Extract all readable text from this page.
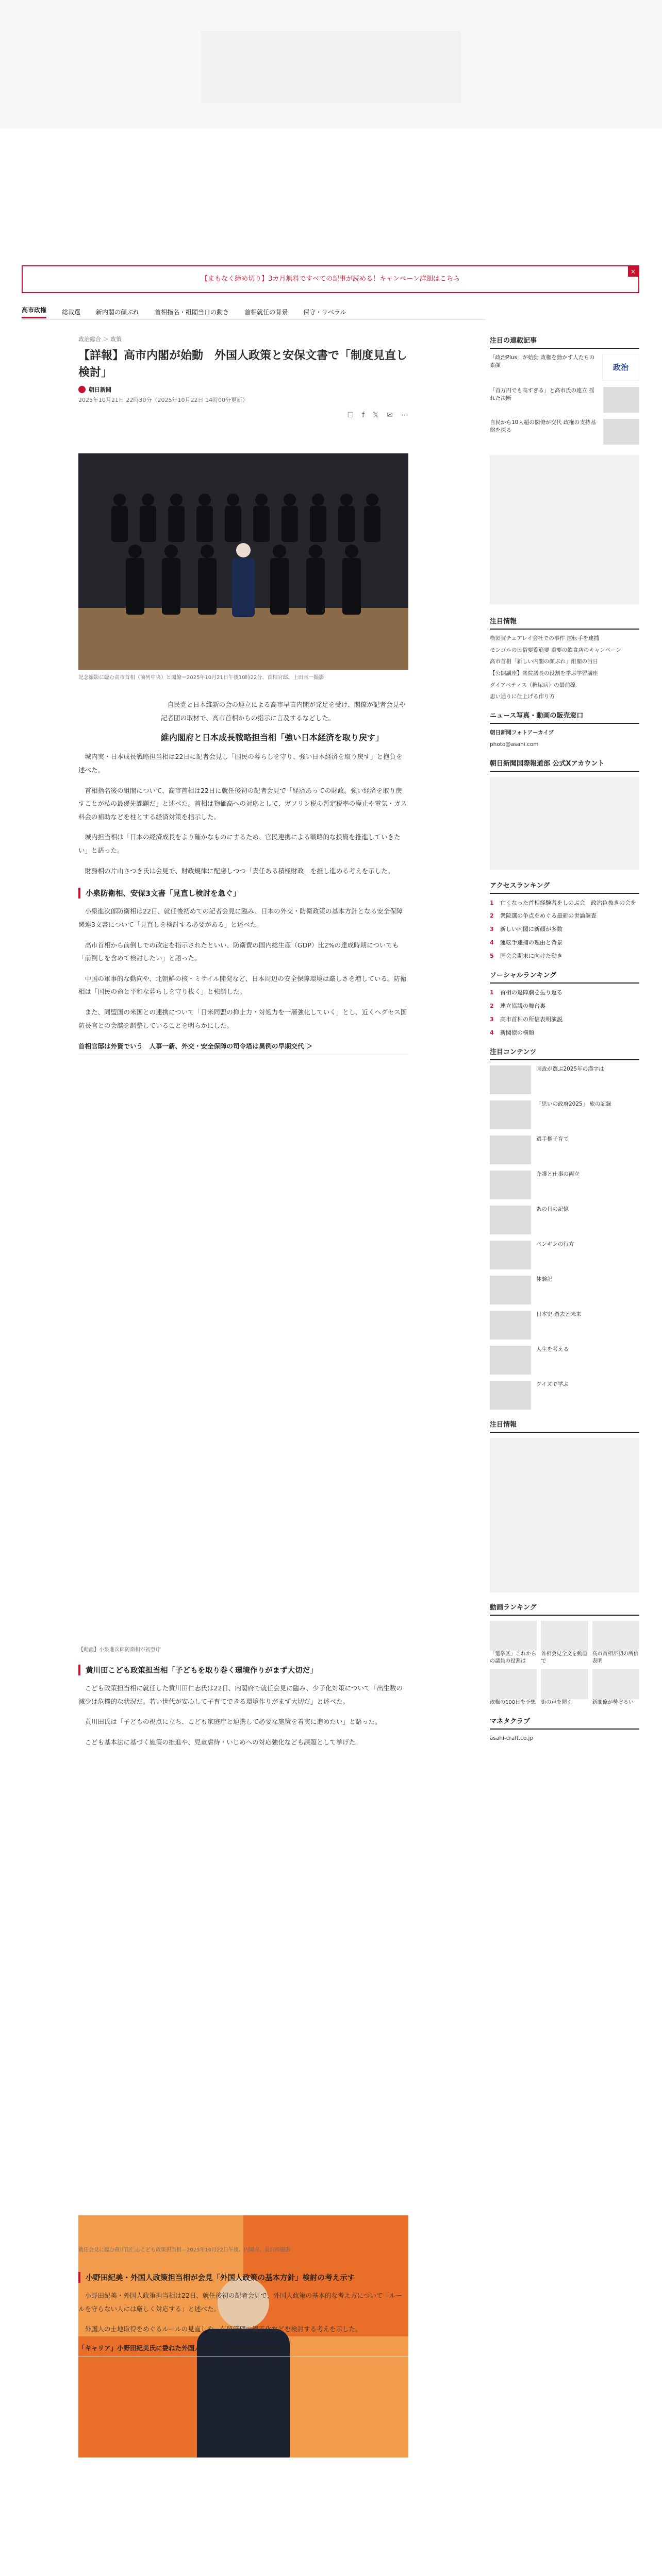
【まもなく締め切り】3カ月無料ですべての記事が読める！キャンペーン詳細はこちら
×
高市政権	総裁選	新内閣の顔ぶれ	首相指名・組閣当日の動き	首相就任の背景	保守・リベラル
政治総合 ＞ 政策
【詳報】高市内閣が始動　外国人政策と安保文書で「制度見直し検討」
朝日新聞
2025年10月21日 22時30分（2025年10月22日 14時00分更新）
☐ f 𝕏 ✉ ⋯
記念撮影に臨む高市首相（前列中央）と閣僚＝2025年10月21日午後10時22分、首相官邸、上田幸一撮影

　自民党と日本維新の会の連立による高市早苗内閣が発足を受け、閣僚が記者会見や記者団の取材で、高市首相からの指示に言及するなどした。

維内閣府と日本成長戦略担当相「強い日本経済を取り戻す」

　城内実・日本成長戦略担当相は22日に記者会見し「国民の暮らしを守り、強い日本経済を取り戻す」と抱負を述べた。

　首相指名後の組閣について、高市首相は22日に就任後初の記者会見で「経済あっての財政。強い経済を取り戻すことが私の最優先課題だ」と述べた。首相は物価高への対応として、ガソリン税の暫定税率の廃止や電気・ガス料金の補助などを柱とする経済対策を指示した。

　城内担当相は「日本の経済成長をより確かなものにするため、官民連携による戦略的な投資を推進していきたい」と語った。

　財務相の片山さつき氏は会見で、財政規律に配慮しつつ「責任ある積極財政」を推し進める考えを示した。

小泉防衛相、安保3文書「見直し検討を急ぐ」

　小泉進次郎防衛相は22日、就任後初めての記者会見に臨み、日本の外交・防衛政策の基本方針となる安全保障関連3文書について「見直しを検討する必要がある」と述べた。

　高市首相から前倒しでの改定を指示されたといい、防衛費の国内総生産（GDP）比2%の達成時期についても「前倒しを含めて検討したい」と語った。

　中国の軍事的な動向や、北朝鮮の核・ミサイル開発など、日本周辺の安全保障環境は厳しさを増している。防衛相は「国民の命と平和な暮らしを守り抜く」と強調した。

　また、同盟国の米国との連携について「日米同盟の抑止力・対処力を一層強化していく」とし、近くヘグセス国防長官との会談を調整していることを明らかにした。

首相官邸は外資でいう　人事一新、外交・安全保障の司令塔は異例の早期交代 ＞
【動画】小泉進次郎防衛相が初登庁
黄川田こども政策担当相「子どもを取り巻く環境作りがまず大切だ」

　こども政策担当相に就任した黄川田仁志氏は22日、内閣府で就任会見に臨み、少子化対策について「出生数の減少は危機的な状況だ。若い世代が安心して子育てできる環境作りがまず大切だ」と述べた。

　黄川田氏は「子どもの視点に立ち、こども家庭庁と連携して必要な施策を着実に進めたい」と語った。

　こども基本法に基づく施策の推進や、児童虐待・いじめへの対応強化なども課題として挙げた。

就任会見に臨む黄川田仁志こども政策担当相＝2025年10月22日午後、内閣府、長沢幹撮影
小野田紀美・外国人政策担当相が会見「外国人政策の基本方針」検討の考え示す

　小野田紀美・外国人政策担当相は22日、就任後初の記者会見で、外国人政策の基本的な考え方について「ルールを守らない人には厳しく対応する」と述べた。

　外国人の土地取得をめぐるルールの見直しや、在留管理の適正化などを検討する考えを示した。

「キャリア」小野田紀美氏に委ねた外国人政策　保守層呼ぶ高市内閣 ＞
注目の連載記事
「政治Plus」が始動 政権を動かす人たちの素顔	政治
「首万円でも高すぎる」と高市氏の連立 揺れた決断
自民から10人超の閣僚が交代 政権の支持基盤を探る
注目情報
横須賀チェアレイ会社での事件 運転手を逮捕
モンゴルの民俗要覧筋要 重要の飲食店のキャンペーン
高市首相「新しい内閣の顔ぶれ」組閣の当日
【公開講座】衆院議長の役割を学ぶ学習講座
ダイアベティス（糖尿病）の最前線
思い通りに仕上げる作り方
ニュース写真・動画の販売窓口
朝日新聞フォトアーカイブ
photo@asahi.com
朝日新聞国際報道部 公式Xアカウント
アクセスランキング
1	亡くなった首相経験者をしのぶ会　政治色抜きの会を
2	衆院選の争点をめぐる最新の世論調査
3	新しい内閣に新顔が多数
4	運転手逮捕の理由と背景
5	国会会期末に向けた動き
ソーシャルランキング
1	首相の退陣劇を振り返る
2	連立協議の舞台裏
3	高市首相の所信表明演説
4	新閣僚の横顔
注目コンテンツ
国政が選ぶ2025年の漢字は
「思いの政府2025」 旅の記録
選手権子育て
介護と仕事の両立
あの日の記憶
ペンギンの行方
体験記
日本史 過去と未来
人生を考える
クイズで学ぶ
注目情報
動画ランキング
「選挙区」これからの議員の役割は
首相会見全文を動画で
高市首相が初の所信表明
政権の100日を予想 街の声を聞く	新閣僚が勢ぞろい
マネタクラブ
asahi-craft.co.jp
